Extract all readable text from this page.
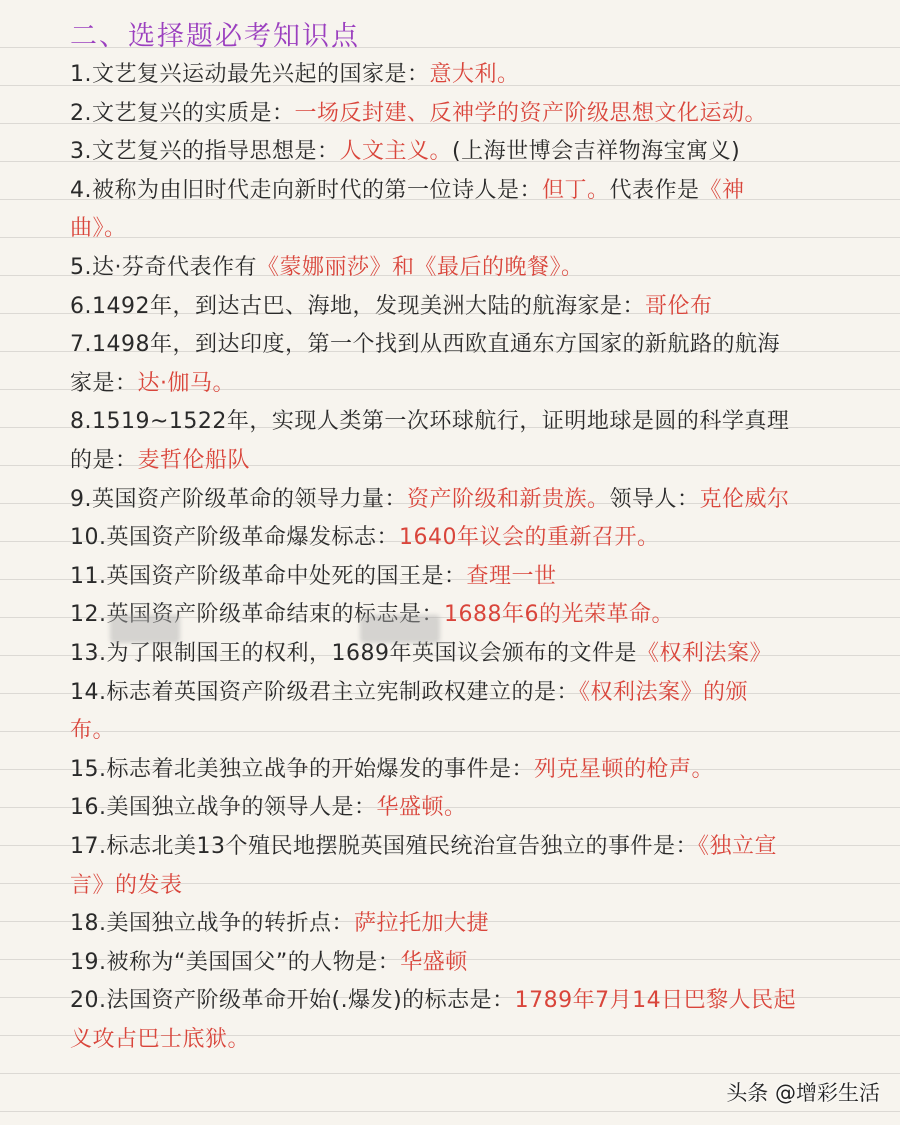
二、选择题必考知识点
1.文艺复兴运动最先兴起的国家是：意大利。
2.文艺复兴的实质是：一场反封建、反神学的资产阶级思想文化运动。
3.文艺复兴的指导思想是：人文主义。(上海世博会吉祥物海宝寓义)
4.被称为由旧时代走向新时代的第一位诗人是：但丁。代表作是《神
曲》。
5.达·芬奇代表作有《蒙娜丽莎》和《最后的晚餐》。
6.1492年，到达古巴、海地，发现美洲大陆的航海家是：哥伦布
7.1498年，到达印度，第一个找到从西欧直通东方国家的新航路的航海
家是：达·伽马。
8.1519~1522年，实现人类第一次环球航行，证明地球是圆的科学真理
的是：麦哲伦船队
9.英国资产阶级革命的领导力量：资产阶级和新贵族。领导人：克伦威尔
10.英国资产阶级革命爆发标志：1640年议会的重新召开。
11.英国资产阶级革命中处死的国王是：查理一世
12.英国资产阶级革命结束的标志是：1688年6的光荣革命。
13.为了限制国王的权利，1689年英国议会颁布的文件是《权利法案》
14.标志着英国资产阶级君主立宪制政权建立的是：《权利法案》的颁
布。
15.标志着北美独立战争的开始爆发的事件是：列克星顿的枪声。
16.美国独立战争的领导人是：华盛顿。
17.标志北美13个殖民地摆脱英国殖民统治宣告独立的事件是：《独立宣
言》的发表
18.美国独立战争的转折点：萨拉托加大捷
19.被称为“美国国父”的人物是：华盛顿
20.法国资产阶级革命开始(.爆发)的标志是：1789年7月14日巴黎人民起
义攻占巴士底狱。
头条 @增彩生活
